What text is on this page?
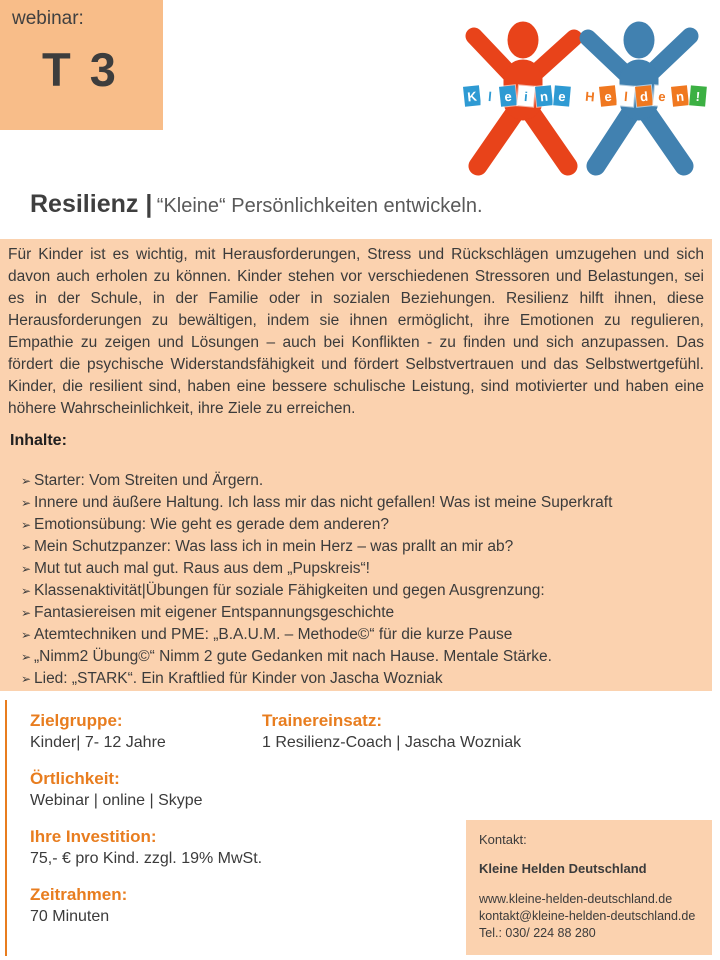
webinar:
T 3
K l e i n e	H e l d e n !
Resilienz | “Kleine“ Persönlichkeiten entwickeln.

Für Kinder ist es wichtig, mit Herausforderungen, Stress und Rückschlägen umzugehen und sich davon auch erholen zu können. Kinder stehen vor verschiedenen Stressoren und Belastungen, sei es in der Schule, in der Familie oder in sozialen Beziehungen. Resilienz hilft ihnen, diese Herausforderungen zu bewältigen, indem sie ihnen ermöglicht, ihre Emotionen zu regulieren, Empathie zu zeigen und Lösungen – auch bei Konflikten - zu finden und sich anzupassen. Das fördert die psychische Widerstandsfähigkeit und fördert Selbstvertrauen und das Selbstwertgefühl. Kinder, die resilient sind, haben eine bessere schulische Leistung, sind motivierter und haben eine höhere Wahrscheinlichkeit, ihre Ziele zu erreichen.

Inhalte:
➢ Starter: Vom Streiten und Ärgern.
➢ Innere und äußere Haltung. Ich lass mir das nicht gefallen! Was ist meine Superkraft
➢ Emotionsübung: Wie geht es gerade dem anderen?
➢ Mein Schutzpanzer: Was lass ich in mein Herz – was prallt an mir ab?
➢ Mut tut auch mal gut. Raus aus dem „Pupskreis“!
➢ Klassenaktivität|Übungen für soziale Fähigkeiten und gegen Ausgrenzung:
➢ Fantasiereisen mit eigener Entspannungsgeschichte
➢ Atemtechniken und PME: „B.A.U.M. – Methode©“ für die kurze Pause
➢ „Nimm2 Übung©“ Nimm 2 gute Gedanken mit nach Hause. Mentale Stärke.
➢ Lied: „STARK“. Ein Kraftlied für Kinder von Jascha Wozniak
Zielgruppe:
Kinder| 7- 12 Jahre
Örtlichkeit:
Webinar | online | Skype
Ihre Investition:
75,- € pro Kind. zzgl. 19% MwSt.
Zeitrahmen:
70 Minuten
Trainereinsatz:
1 Resilienz-Coach | Jascha Wozniak
Kontakt:
Kleine Helden Deutschland
www.kleine-helden-deutschland.de
kontakt@kleine-helden-deutschland.de
Tel.: 030/ 224 88 280
